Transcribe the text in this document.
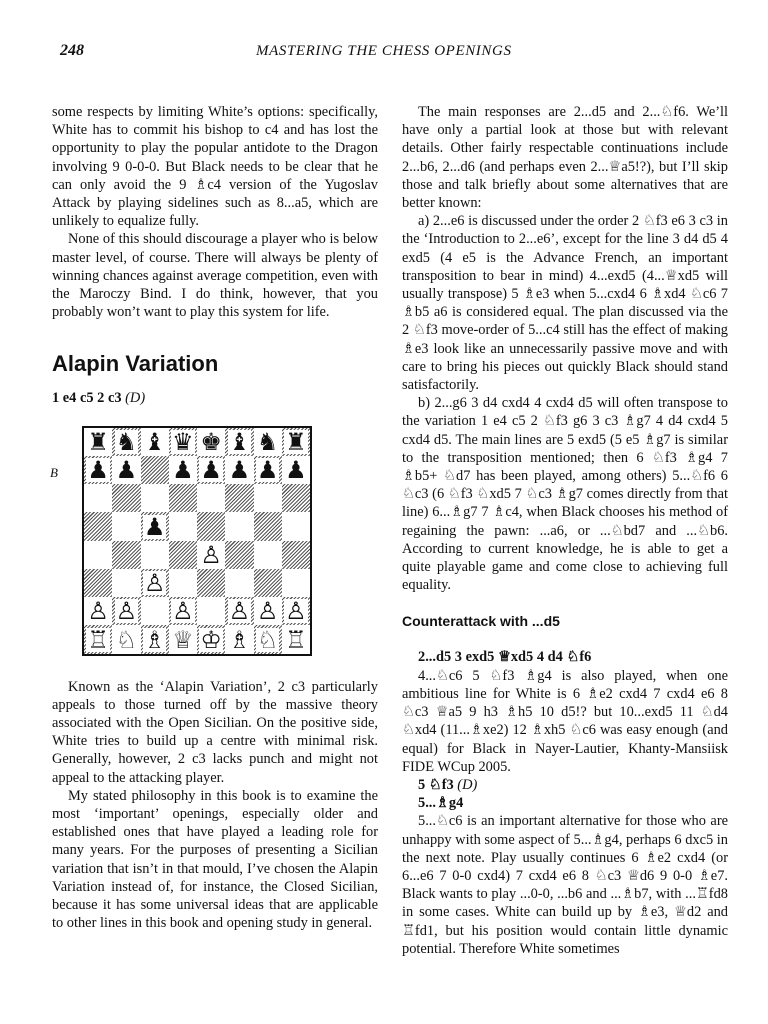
248	MASTERING THE CHESS OPENINGS

some respects by limiting White’s options: specifically, White has to commit his bishop to c4 and has lost the opportunity to play the popular antidote to the Dragon involving 9 0-0-0. But Black needs to be clear that he can only avoid the 9 ♗c4 version of the Yugoslav Attack by playing sidelines such as 8...a5, which are unlikely to equalize fully.

None of this should discourage a player who is below master level, of course. There will always be plenty of winning chances against average competition, even with the Maroczy Bind. I do think, however, that you probably won’t want to play this system for life.

Alapin Variation

1 e4 c5 2 c3 (D)

B
♜ ♞ ♝ ♛ ♚ ♝ ♞ ♜
♟ ♟ ♟ ♟ ♟ ♟ ♟
♟
♙
♙
♙ ♙ ♙ ♙ ♙ ♙
♖ ♘ ♗ ♕ ♔ ♗ ♘ ♖

Known as the ‘Alapin Variation’, 2 c3 particularly appeals to those turned off by the massive theory associated with the Open Sicilian. On the positive side, White tries to build up a centre with minimal risk. Generally, however, 2 c3 lacks punch and might not appeal to the attacking player.

My stated philosophy in this book is to examine the most ‘important’ openings, especially older and established ones that have played a leading role for many years. For the purposes of presenting a Sicilian variation that isn’t in that mould, I’ve chosen the Alapin Variation instead of, for instance, the Closed Sicilian, because it has some universal ideas that are applicable to other lines in this book and opening study in general.

The main responses are 2...d5 and 2...♘f6. We’ll have only a partial look at those but with relevant details. Other fairly respectable continuations include 2...b6, 2...d6 (and perhaps even 2...♕a5!?), but I’ll skip those and talk briefly about some alternatives that are better known:

a) 2...e6 is discussed under the order 2 ♘f3 e6 3 c3 in the ‘Introduction to 2...e6’, except for the line 3 d4 d5 4 exd5 (4 e5 is the Advance French, an important transposition to bear in mind) 4...exd5 (4...♕xd5 will usually transpose) 5 ♗e3 when 5...cxd4 6 ♗xd4 ♘c6 7 ♗b5 a6 is considered equal. The plan discussed via the 2 ♘f3 move-order of 5...c4 still has the effect of making ♗e3 look like an unnecessarily passive move and with care to bring his pieces out quickly Black should stand satisfactorily.

b) 2...g6 3 d4 cxd4 4 cxd4 d5 will often transpose to the variation 1 e4 c5 2 ♘f3 g6 3 c3 ♗g7 4 d4 cxd4 5 cxd4 d5. The main lines are 5 exd5 (5 e5 ♗g7 is similar to the transposition mentioned; then 6 ♘f3 ♗g4 7 ♗b5+ ♘d7 has been played, among others) 5...♘f6 6 ♘c3 (6 ♘f3 ♘xd5 7 ♘c3 ♗g7 comes directly from that line) 6...♗g7 7 ♗c4, when Black chooses his method of regaining the pawn: ...a6, or ...♘bd7 and ...♘b6. According to current knowledge, he is able to get a quite playable game and come close to achieving full equality.

Counterattack with ...d5

2...d5 3 exd5 ♕xd5 4 d4 ♘f6

4...♘c6 5 ♘f3 ♗g4 is also played, when one ambitious line for White is 6 ♗e2 cxd4 7 cxd4 e6 8 ♘c3 ♕a5 9 h3 ♗h5 10 d5!? but 10...exd5 11 ♘d4 ♘xd4 (11...♗xe2) 12 ♗xh5 ♘c6 was easy enough (and equal) for Black in Nayer-Lautier, Khanty-Mansiisk FIDE WCup 2005.

5 ♘f3 (D)

5...♗g4

5...♘c6 is an important alternative for those who are unhappy with some aspect of 5...♗g4, perhaps 6 dxc5 in the next note. Play usually continues 6 ♗e2 cxd4 (or 6...e6 7 0-0 cxd4) 7 cxd4 e6 8 ♘c3 ♕d6 9 0-0 ♗e7. Black wants to play ...0-0, ...b6 and ...♗b7, with ...♖fd8 in some cases. White can build up by ♗e3, ♕d2 and ♖fd1, but his position would contain little dynamic potential. Therefore White sometimes
